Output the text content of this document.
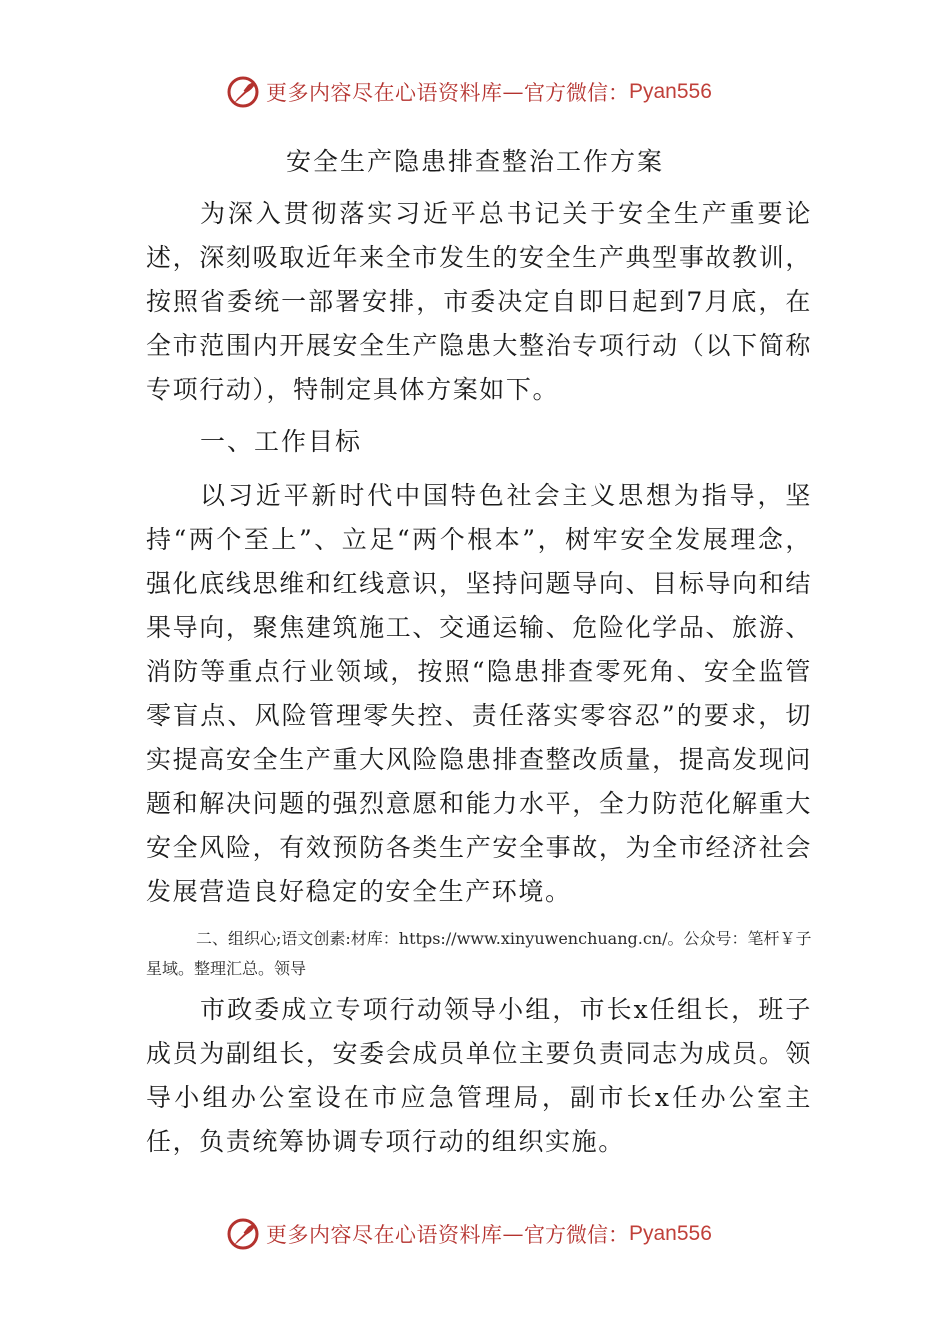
更多内容尽在心语资料库 — 官方微信： Pyan556
安全生产隐患排查整治工作方案

为深入贯彻落实习近平总书记关于安全生产重要论述，深刻吸取近年来全市发生的安全生产典型事故教训，按照省委统一部署安排，市委决定自即日起到7月底，在全市范围内开展安全生产隐患大整治专项行动（以下简称专项行动），特制定具体方案如下。

一、工作目标

以习近平新时代中国特色社会主义思想为指导，坚持“两个至上”、立足“两个根本”，树牢安全发展理念，强化底线思维和红线意识，坚持问题导向、目标导向和结果导向，聚焦建筑施工、交通运输、危险化学品、旅游、消防等重点行业领域，按照“隐患排查零死角、安全监管零盲点、风险管理零失控、责任落实零容忍”的要求，切实提高安全生产重大风险隐患排查整改质量，提高发现问题和解决问题的强烈意愿和能力水平，全力防范化解重大安全风险，有效预防各类生产安全事故，为全市经济社会发展营造良好稳定的安全生产环境。

二、组织心;语文创素:材库：https://www.xinyuwenchuang.cn/。公众号：笔杆￥子星域。整理汇总。领导

市政委成立专项行动领导小组，市长x任组长，班子成员为副组长，安委会成员单位主要负责同志为成员。领导小组办公室设在市应急管理局，副市长x任办公室主任，负责统筹协调专项行动的组织实施。

更多内容尽在心语资料库 — 官方微信： Pyan556
